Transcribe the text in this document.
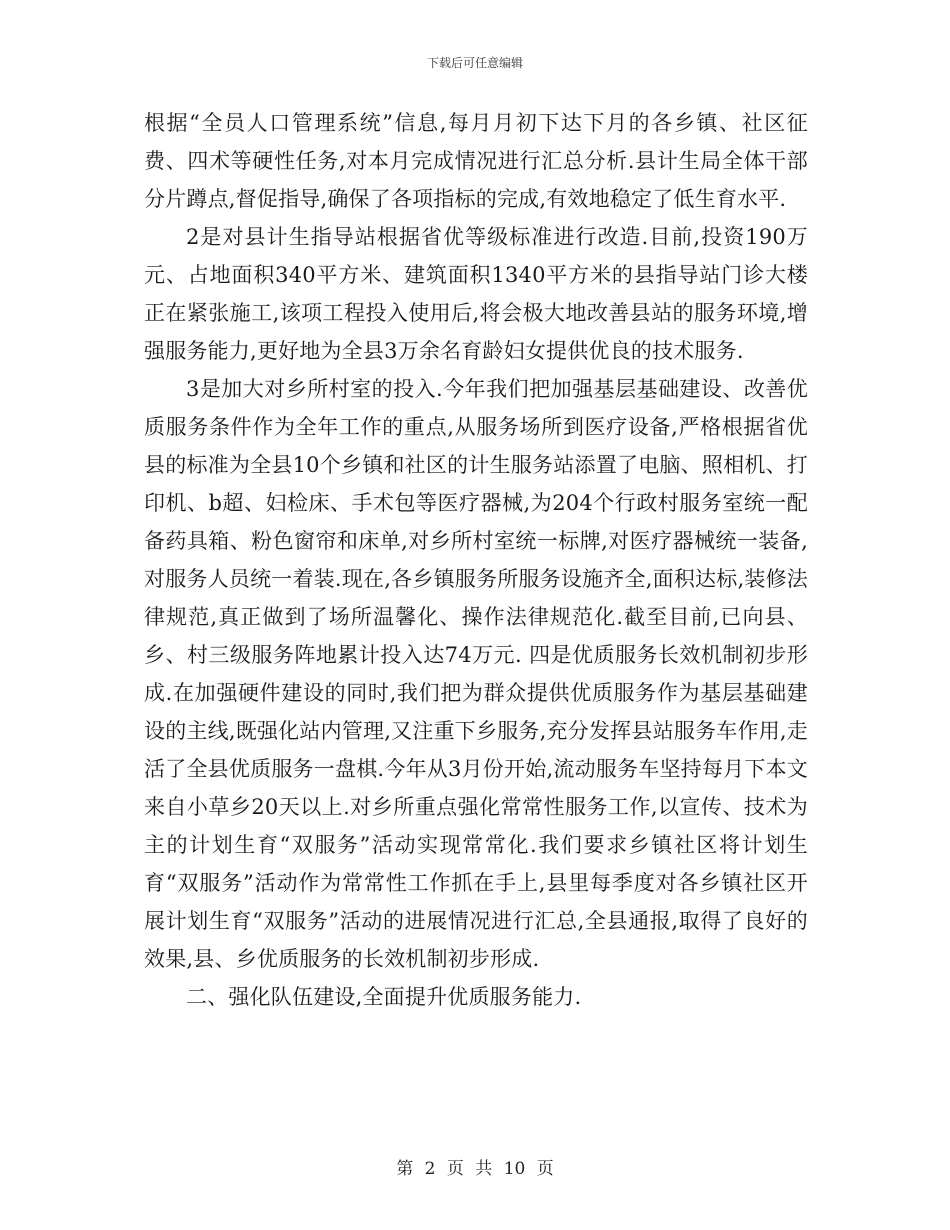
下载后可任意编辑

根据“全员人口管理系统”信息,每月月初下达下月的各乡镇、社区征费、四术等硬性任务,对本月完成情况进行汇总分析.县计生局全体干部分片蹲点,督促指导,确保了各项指标的完成,有效地稳定了低生育水平.

2是对县计生指导站根据省优等级标准进行改造.目前,投资190万元、占地面积340平方米、建筑面积1340平方米的县指导站门诊大楼正在紧张施工,该项工程投入使用后,将会极大地改善县站的服务环境,增强服务能力,更好地为全县3万余名育龄妇女提供优良的技术服务.

3是加大对乡所村室的投入.今年我们把加强基层基础建设、改善优质服务条件作为全年工作的重点,从服务场所到医疗设备,严格根据省优县的标准为全县10个乡镇和社区的计生服务站添置了电脑、照相机、打印机、b超、妇检床、手术包等医疗器械,为204个行政村服务室统一配备药具箱、粉色窗帘和床单,对乡所村室统一标牌,对医疗器械统一装备,对服务人员统一着装.现在,各乡镇服务所服务设施齐全,面积达标,装修法律规范,真正做到了场所温馨化、操作法律规范化.截至目前,已向县、乡、村三级服务阵地累计投入达74万元. 四是优质服务长效机制初步形成.在加强硬件建设的同时,我们把为群众提供优质服务作为基层基础建设的主线,既强化站内管理,又注重下乡服务,充分发挥县站服务车作用,走活了全县优质服务一盘棋.今年从3月份开始,流动服务车坚持每月下本文来自小草乡20天以上.对乡所重点强化常常性服务工作,以宣传、技术为主的计划生育“双服务”活动实现常常化.我们要求乡镇社区将计划生育“双服务”活动作为常常性工作抓在手上,县里每季度对各乡镇社区开展计划生育“双服务”活动的进展情况进行汇总,全县通报,取得了良好的效果,县、乡优质服务的长效机制初步形成.

二、强化队伍建设,全面提升优质服务能力.

第 2 页 共 10 页
